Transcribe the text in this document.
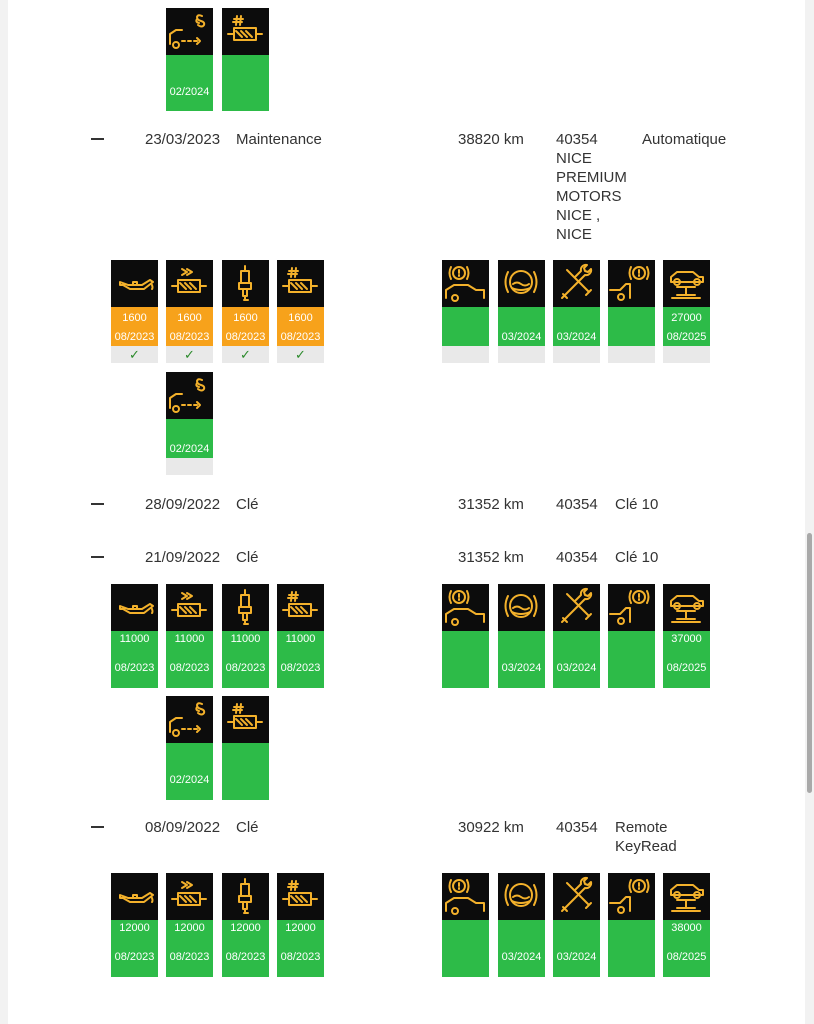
02/2024
23/03/2023 Maintenance	38820 km 40354
NICE
PREMIUM
MOTORS
NICE ,
NICE
Automatique
1600
08/2023
✓
1600
08/2023
✓
1600
08/2023
✓
1600
08/2023
✓
02/2024
03/2024	03/2024
27000
08/2025
28/09/2022 Clé	31352 km 40354 Clé 10
21/09/2022 Clé	31352 km 40354 Clé 10
11000
08/2023
11000
08/2023
11000
08/2023
11000
08/2023
02/2024
03/2024	03/2024
37000
08/2025
08/09/2022 Clé	30922 km 40354 Remote
KeyRead
12000
08/2023
12000
08/2023
12000
08/2023
12000
08/2023	03/2024	03/2024
38000
08/2025
